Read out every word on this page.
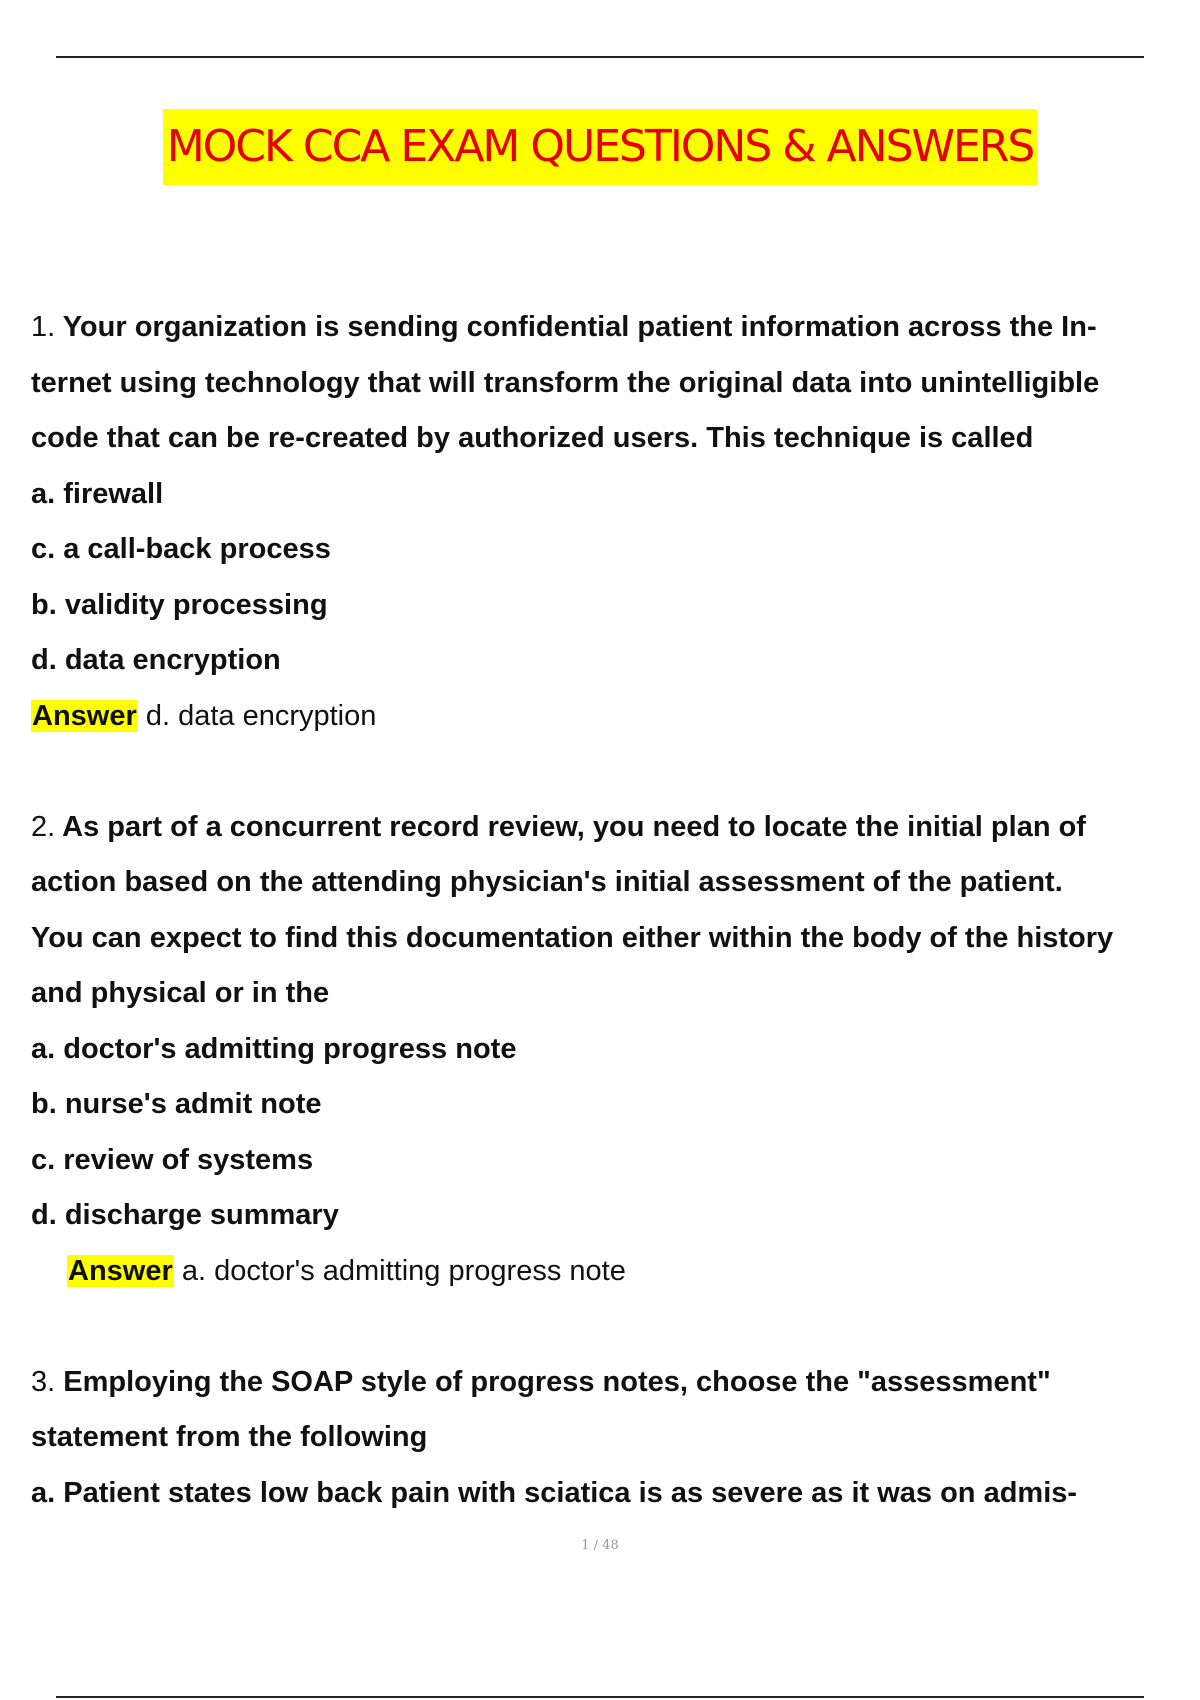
MOCK CCA EXAM QUESTIONS & ANSWERS
1. Your organization is sending confidential patient information across the In-
ternet using technology that will transform the original data into unintelligible
code that can be re-created by authorized users. This technique is called
a. firewall
c. a call-back process
b. validity processing
d. data encryption
Answer d. data encryption
2. As part of a concurrent record review, you need to locate the initial plan of
action based on the attending physician's initial assessment of the patient.
You can expect to find this documentation either within the body of the history
and physical or in the
a. doctor's admitting progress note
b. nurse's admit note
c. review of systems
d. discharge summary
Answer a. doctor's admitting progress note
3. Employing the SOAP style of progress notes, choose the "assessment"
statement from the following
a. Patient states low back pain with sciatica is as severe as it was on admis-
1 / 48
